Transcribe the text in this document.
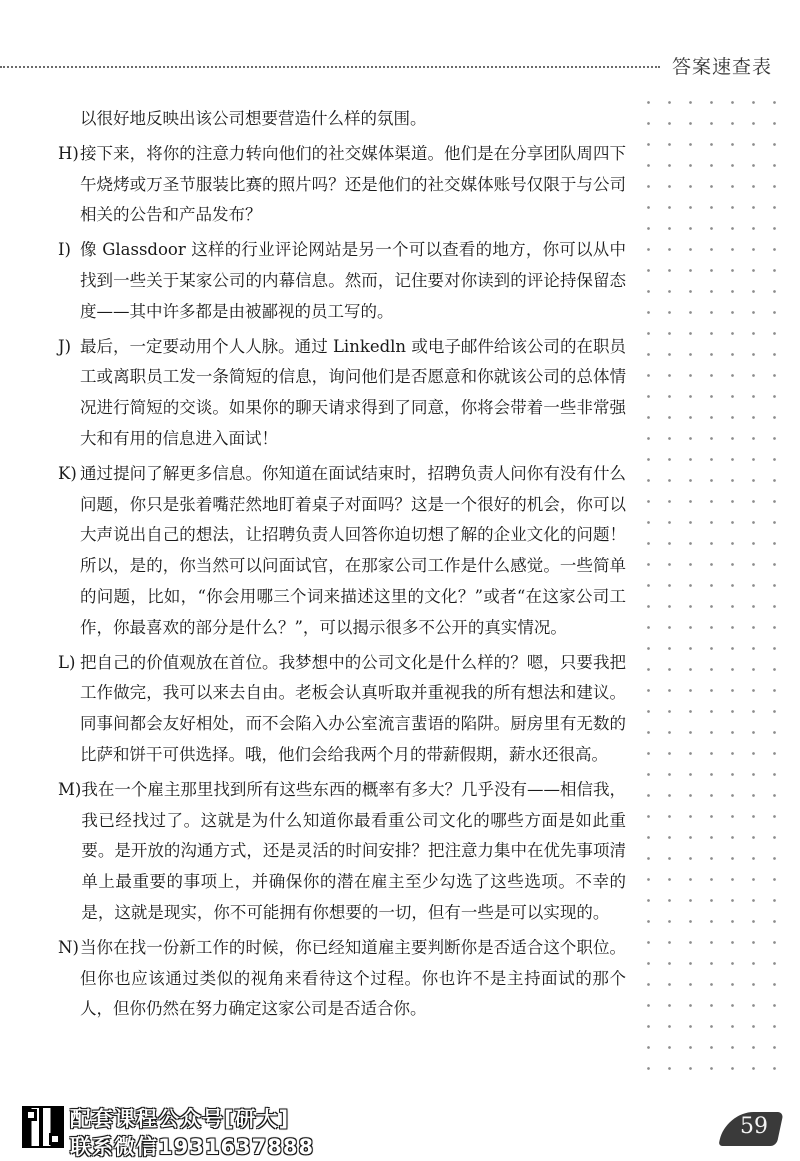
答案速查表

以很好地反映出该公司想要营造什么样的氛围。

H) 接下来，将你的注意力转向他们的社交媒体渠道。他们是在分享团队周四下午烧烤或万圣节服装比赛的照片吗？还是他们的社交媒体账号仅限于与公司相关的公告和产品发布？
I) 像 Glassdoor 这样的行业评论网站是另一个可以查看的地方，你可以从中找到一些关于某家公司的内幕信息。然而，记住要对你读到的评论持保留态度——其中许多都是由被鄙视的员工写的。
J) 最后，一定要动用个人人脉。通过 Linkedln 或电子邮件给该公司的在职员工或离职员工发一条简短的信息，询问他们是否愿意和你就该公司的总体情况进行简短的交谈。如果你的聊天请求得到了同意，你将会带着一些非常强大和有用的信息进入面试！
K) 通过提问了解更多信息。你知道在面试结束时，招聘负责人问你有没有什么问题，你只是张着嘴茫然地盯着桌子对面吗？这是一个很好的机会，你可以大声说出自己的想法，让招聘负责人回答你迫切想了解的企业文化的问题！所以，是的，你当然可以问面试官，在那家公司工作是什么感觉。一些简单的问题，比如，“你会用哪三个词来描述这里的文化？”或者“在这家公司工作，你最喜欢的部分是什么？”，可以揭示很多不公开的真实情况。
L) 把自己的价值观放在首位。我梦想中的公司文化是什么样的？嗯，只要我把工作做完，我可以来去自由。老板会认真听取并重视我的所有想法和建议。同事间都会友好相处，而不会陷入办公室流言蜚语的陷阱。厨房里有无数的比萨和饼干可供选择。哦，他们会给我两个月的带薪假期，薪水还很高。
M) 我在一个雇主那里找到所有这些东西的概率有多大？几乎没有——相信我，我已经找过了。这就是为什么知道你最看重公司文化的哪些方面是如此重要。是开放的沟通方式，还是灵活的时间安排？把注意力集中在优先事项清单上最重要的事项上，并确保你的潜在雇主至少勾选了这些选项。不幸的是，这就是现实，你不可能拥有你想要的一切，但有一些是可以实现的。
N) 当你在找一份新工作的时候，你已经知道雇主要判断你是否适合这个职位。但你也应该通过类似的视角来看待这个过程。你也许不是主持面试的那个人，但你仍然在努力确定这家公司是否适合你。
配套课程公众号[研大]
联系微信1931637888
59
